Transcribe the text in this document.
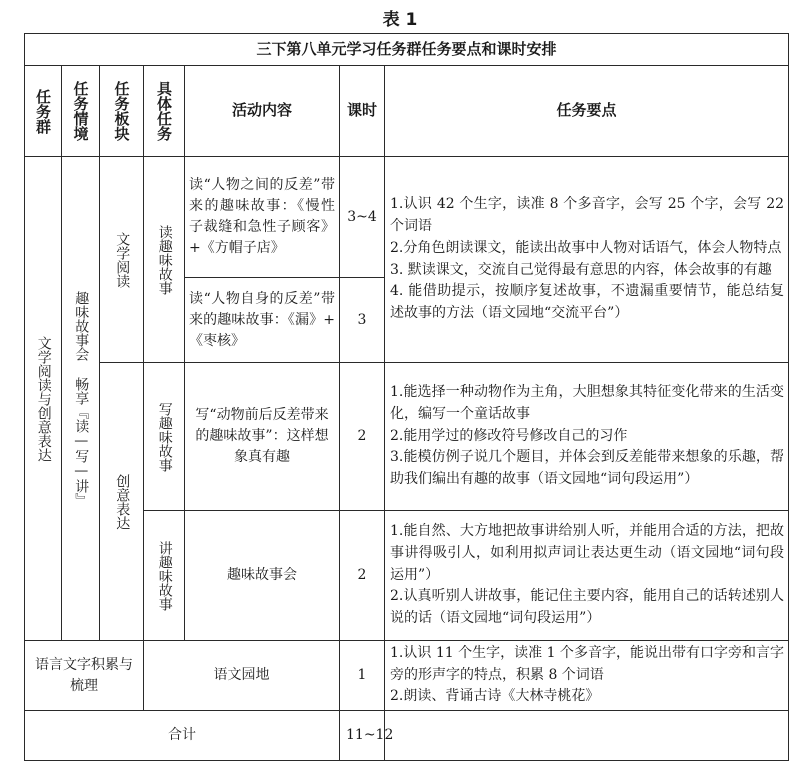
表 1
三下第八单元学习任务群任务要点和课时安排						

任务群	任务情境	任务板块	具体任务	活动内容	课时	任务要点

文学阅读与创意表达	趣味故事会 畅享『读—写—讲』	文学阅读	读趣味故事	读“人物之间的反差”带来的趣味故事：《慢性子裁缝和急性子顾客》+《方帽子店》	3~4	1.认识 42 个生字，读准 8 个多音字，会写 25 个字，会写 22 个词语
2.分角色朗读课文，能读出故事中人物对话语气，体会人物特点
3. 默读课文，交流自己觉得最有意思的内容，体会故事的有趣
4. 能借助提示，按顺序复述故事，不遗漏重要情节，能总结复述故事的方法（语文园地“交流平台”）

				读“人物自身的反差”带来的趣味故事：《漏》+《枣核》	3	

		创意表达	写趣味故事	写“动物前后反差带来的趣味故事”：这样想象真有趣	2	1.能选择一种动物作为主角，大胆想象其特征变化带来的生活变化，编写一个童话故事
2.能用学过的修改符号修改自己的习作
3.能模仿例子说几个题目，并体会到反差能带来想象的乐趣，帮助我们编出有趣的故事（语文园地“词句段运用”）

			讲趣味故事	趣味故事会	2	1.能自然、大方地把故事讲给别人听，并能用合适的方法，把故事讲得吸引人，如利用拟声词让表达更生动（语文园地“词句段运用”）
2.认真听别人讲故事，能记住主要内容，能用自己的话转述别人说的话（语文园地“词句段运用”）

语言文字积累与梳理			语文园地		1	1.认识 11 个生字，读准 1 个多音字，能说出带有口字旁和言字旁的形声字的特点，积累 8 个词语
2.朗读、背诵古诗《大林寺桃花》

合计					11~12	
